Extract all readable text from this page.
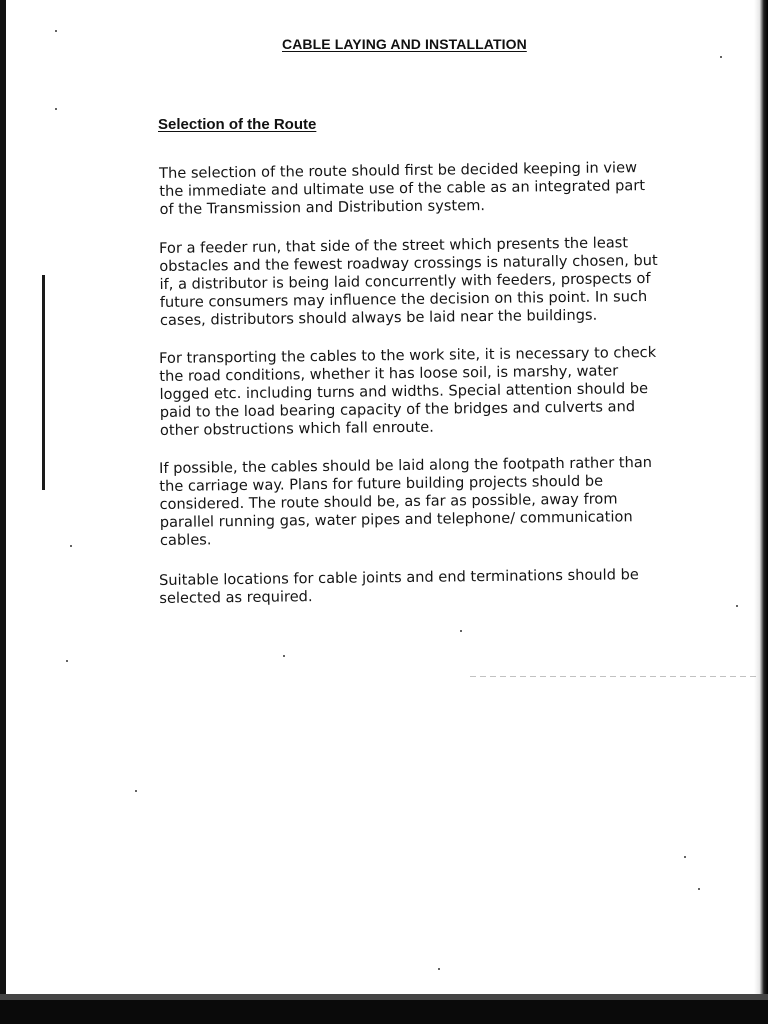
CABLE LAYING AND INSTALLATION
Selection of the Route
The selection of the route should first be decided keeping in view
the immediate and ultimate use of the cable as an integrated part
of the Transmission and Distribution system.
For a feeder run, that side of the street which presents the least
obstacles and the fewest roadway crossings is naturally chosen, but
if, a distributor is being laid concurrently with feeders, prospects of
future consumers may influence the decision on this point. In such
cases, distributors should always be laid near the buildings.
For transporting the cables to the work site, it is necessary to check
the road conditions, whether it has loose soil, is marshy, water
logged etc. including turns and widths. Special attention should be
paid to the load bearing capacity of the bridges and culverts and
other obstructions which fall enroute.
If possible, the cables should be laid along the footpath rather than
the carriage way. Plans for future building projects should be
considered. The route should be, as far as possible, away from
parallel running gas, water pipes and telephone/ communication
cables.
Suitable locations for cable joints and end terminations should be
selected as required.
